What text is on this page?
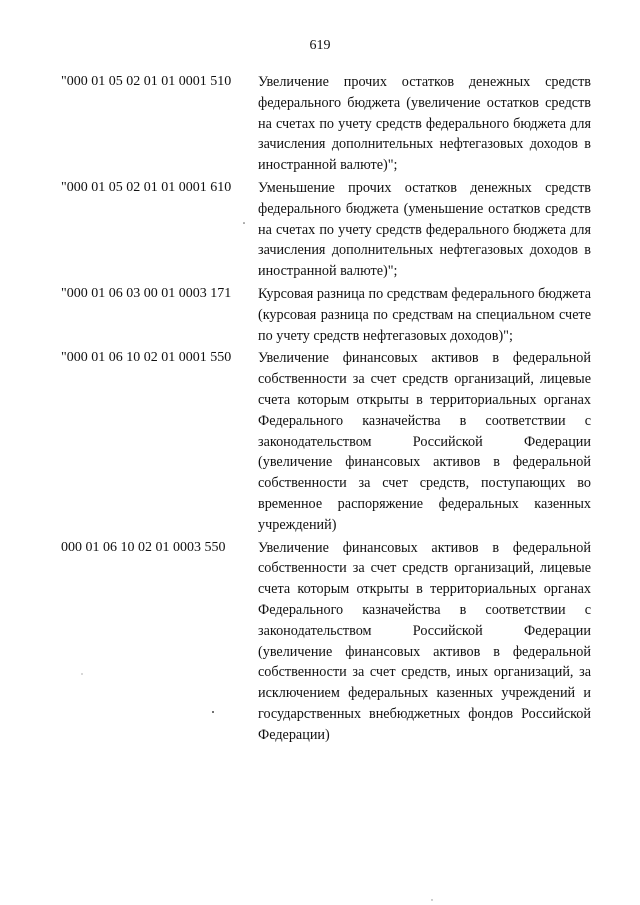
619
"000 01 05 02 01 01 0001 510	Увеличение прочих остатков денежных средств федерального бюджета (увеличение остатков средств на счетах по учету средств федерального бюджета для зачисления дополнительных нефтегазовых доходов в иностранной валюте)";
"000 01 05 02 01 01 0001 610	Уменьшение прочих остатков денежных средств федерального бюджета (уменьшение остатков средств на счетах по учету средств федерального бюджета для зачисления дополнительных нефтегазовых доходов в иностранной валюте)";
"000 01 06 03 00 01 0003 171	Курсовая разница по средствам федерального бюджета (курсовая разница по средствам на специальном счете по учету средств нефтегазовых доходов)";
"000 01 06 10 02 01 0001 550	Увеличение финансовых активов в федеральной собственности за счет средств организаций, лицевые счета которым открыты в территориальных органах Федерального казначейства в соответствии с законодательством Российской Федерации (увеличение финансовых активов в федеральной собственности за счет средств, поступающих во временное распоряжение федеральных казенных учреждений)
000 01 06 10 02 01 0003 550	Увеличение финансовых активов в федеральной собственности за счет средств организаций, лицевые счета которым открыты в территориальных органах Федерального казначейства в соответствии с законодательством Российской Федерации (увеличение финансовых активов в федеральной собственности за счет средств, иных организаций, за исключением федеральных казенных учреждений и государственных внебюджетных фондов Российской Федерации)
